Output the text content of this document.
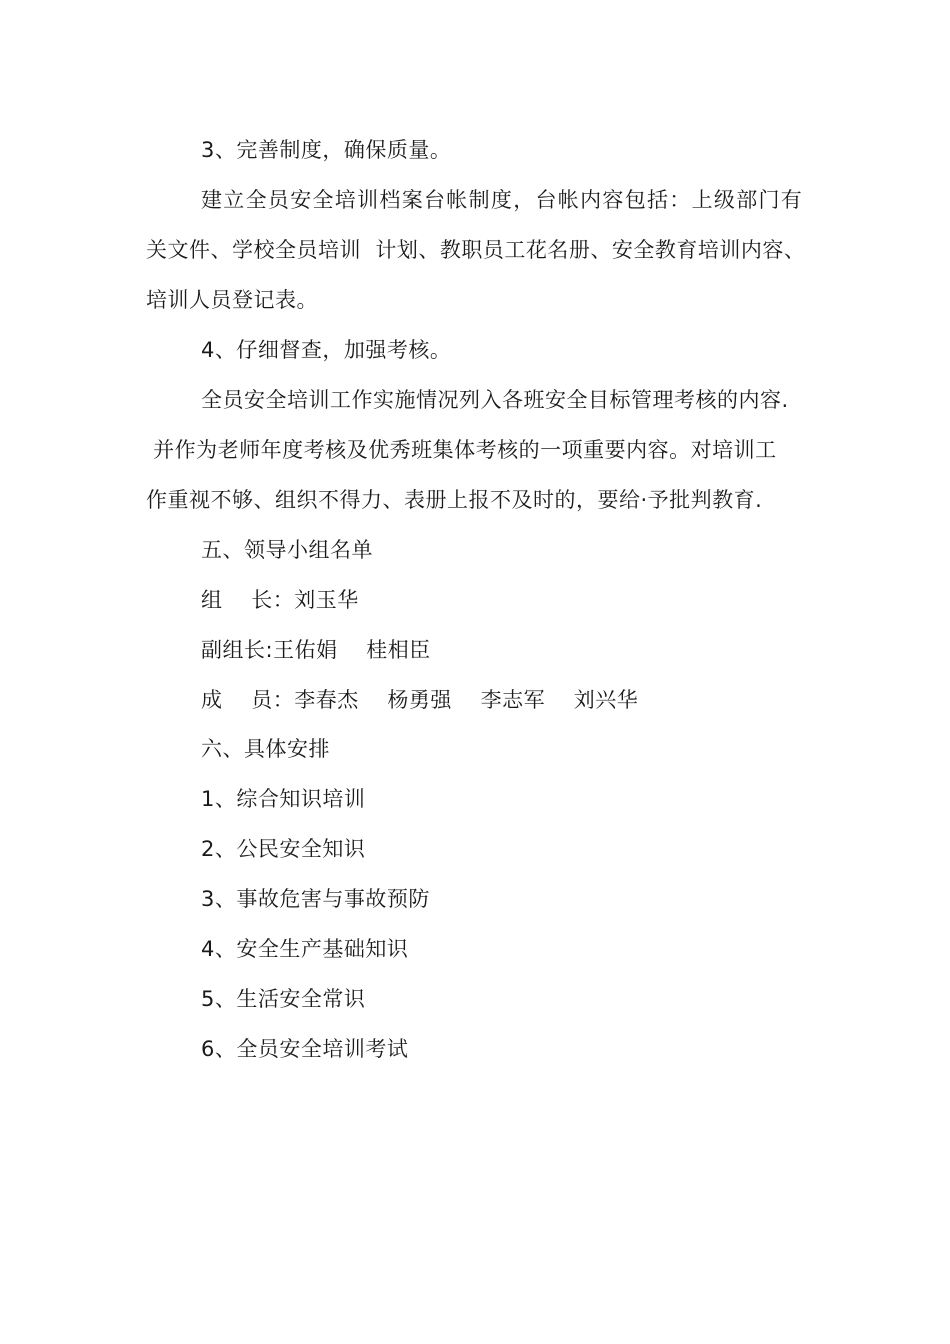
3、完善制度，确保质量。
建立全员安全培训档案台帐制度，台帐内容包括：上级部门有
关文件、学校全员培训  计划、教职员工花名册、安全教育培训内容、
培训人员登记表。
4、仔细督查，加强考核。
全员安全培训工作实施情况列入各班安全目标管理考核的内容.
并作为老师年度考核及优秀班集体考核的一项重要内容。对培训工
作重视不够、组织不得力、表册上报不及时的，要给·予批判教育.
五、领导小组名单
组    长：刘玉华
副组长:王佑娟    桂相臣
成    员：李春杰    杨勇强    李志军    刘兴华
六、具体安排
1、综合知识培训
2、公民安全知识
3、事故危害与事故预防
4、安全生产基础知识
5、生活安全常识
6、全员安全培训考试
